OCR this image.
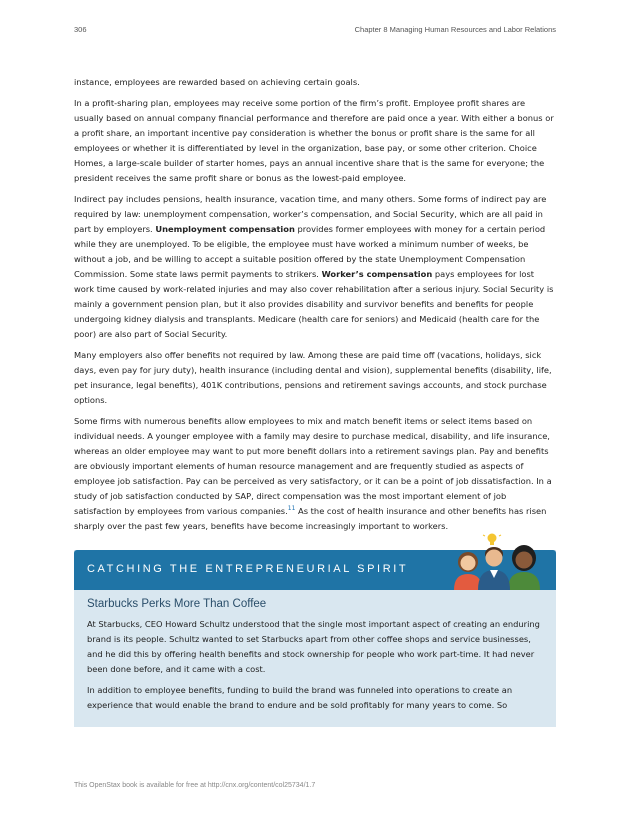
306	Chapter 8 Managing Human Resources and Labor Relations

instance, employees are rewarded based on achieving certain goals.

In a profit-sharing plan, employees may receive some portion of the firm’s profit. Employee profit shares are usually based on annual company financial performance and therefore are paid once a year. With either a bonus or a profit share, an important incentive pay consideration is whether the bonus or profit share is the same for all employees or whether it is differentiated by level in the organization, base pay, or some other criterion. Choice Homes, a large-scale builder of starter homes, pays an annual incentive share that is the same for everyone; the president receives the same profit share or bonus as the lowest-paid employee.

Indirect pay includes pensions, health insurance, vacation time, and many others. Some forms of indirect pay are required by law: unemployment compensation, worker’s compensation, and Social Security, which are all paid in part by employers. Unemployment compensation provides former employees with money for a certain period while they are unemployed. To be eligible, the employee must have worked a minimum number of weeks, be without a job, and be willing to accept a suitable position offered by the state Unemployment Compensation Commission. Some state laws permit payments to strikers. Worker’s compensation pays employees for lost work time caused by work-related injuries and may also cover rehabilitation after a serious injury. Social Security is mainly a government pension plan, but it also provides disability and survivor benefits and benefits for people undergoing kidney dialysis and transplants. Medicare (health care for seniors) and Medicaid (health care for the poor) are also part of Social Security.

Many employers also offer benefits not required by law. Among these are paid time off (vacations, holidays, sick days, even pay for jury duty), health insurance (including dental and vision), supplemental benefits (disability, life, pet insurance, legal benefits), 401K contributions, pensions and retirement savings accounts, and stock purchase options.

Some firms with numerous benefits allow employees to mix and match benefit items or select items based on individual needs. A younger employee with a family may desire to purchase medical, disability, and life insurance, whereas an older employee may want to put more benefit dollars into a retirement savings plan. Pay and benefits are obviously important elements of human resource management and are frequently studied as aspects of employee job satisfaction. Pay can be perceived as very satisfactory, or it can be a point of job dissatisfaction. In a study of job satisfaction conducted by SAP, direct compensation was the most important element of job satisfaction by employees from various companies.$^{11}$ As the cost of health insurance and other benefits has risen sharply over the past few years, benefits have become increasingly important to workers.

CATCHING THE ENTREPRENEURIAL SPIRIT
Starbucks Perks More Than Coffee

At Starbucks, CEO Howard Schultz understood that the single most important aspect of creating an enduring brand is its people. Schultz wanted to set Starbucks apart from other coffee shops and service businesses, and he did this by offering health benefits and stock ownership for people who work part-time. It had never been done before, and it came with a cost.

In addition to employee benefits, funding to build the brand was funneled into operations to create an experience that would enable the brand to endure and be sold profitably for many years to come. So

This OpenStax book is available for free at http://cnx.org/content/col25734/1.7
